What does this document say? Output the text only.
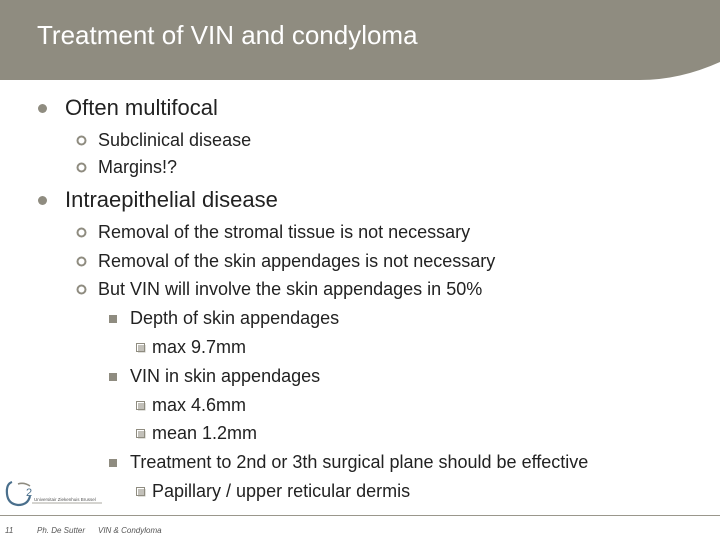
Treatment of VIN and condyloma
Often multifocal
Subclinical disease
Margins!?
Intraepithelial disease
Removal of the stromal tissue is not necessary
Removal of the skin appendages is not necessary
But VIN will involve the skin appendages in 50%
Depth of skin appendages
max 9.7mm
VIN in skin appendages
max 4.6mm
mean 1.2mm
Treatment to 2nd or 3th surgical plane should be effective
Papillary / upper reticular dermis
2
Universitair Ziekenhuis Brussel
11	Ph. De Sutter VIN & Condyloma
